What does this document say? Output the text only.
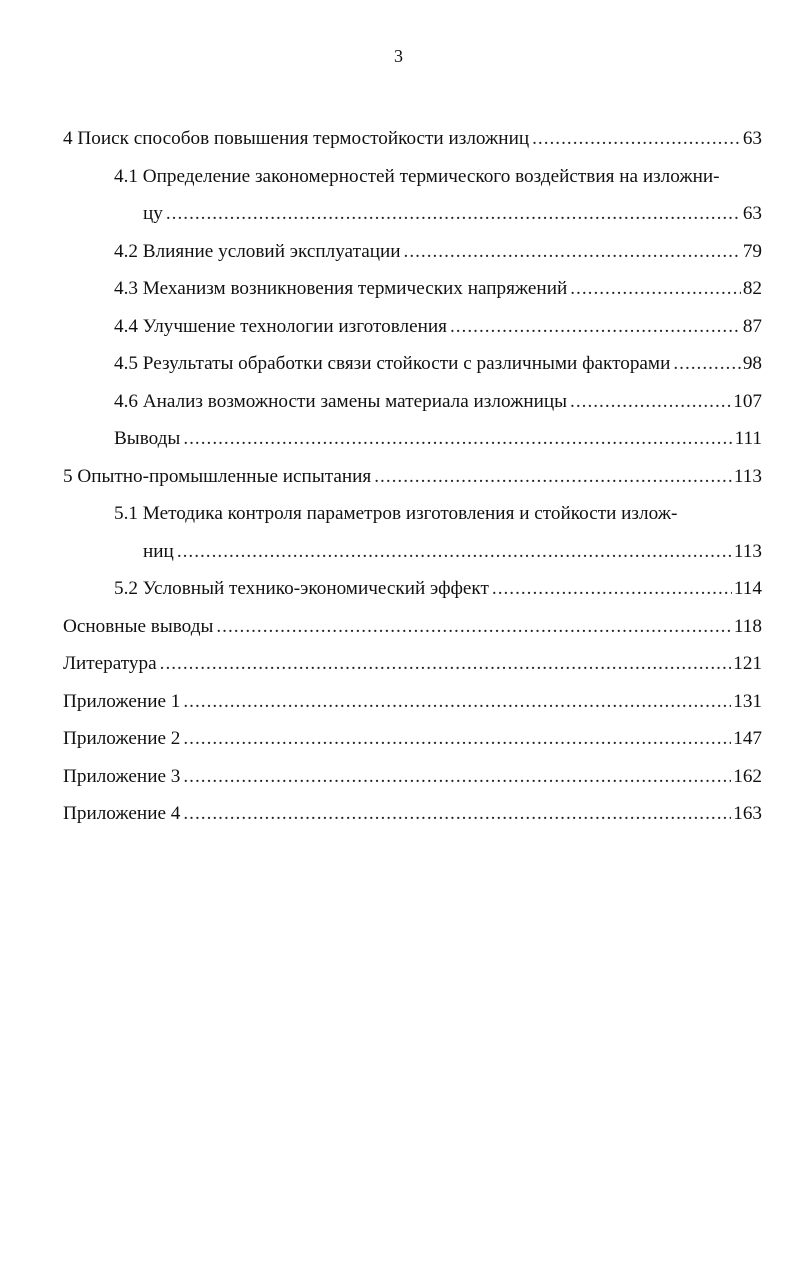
3
4 Поиск способов повышения термостойкости изложниц .....	63
4.1 Определение закономерностей термического воздействия на изложни-
цу .....	63
4.2 Влияние условий эксплуатации .....	79
4.3 Механизм возникновения термических напряжений .....	82
4.4 Улучшение технологии изготовления .....	87
4.5 Результаты обработки связи стойкости с различными факторами .....	98
4.6 Анализ возможности замены материала изложницы .....	107
Выводы .....	111
5 Опытно-промышленные испытания .....	113
5.1 Методика контроля параметров изготовления и стойкости излож-
ниц .....	113
5.2 Условный технико-экономический эффект .....	114
Основные выводы .....	118
Литература .....	121
Приложение 1 .....	131
Приложение 2 .....	147
Приложение 3 .....	162
Приложение 4 .....	163
